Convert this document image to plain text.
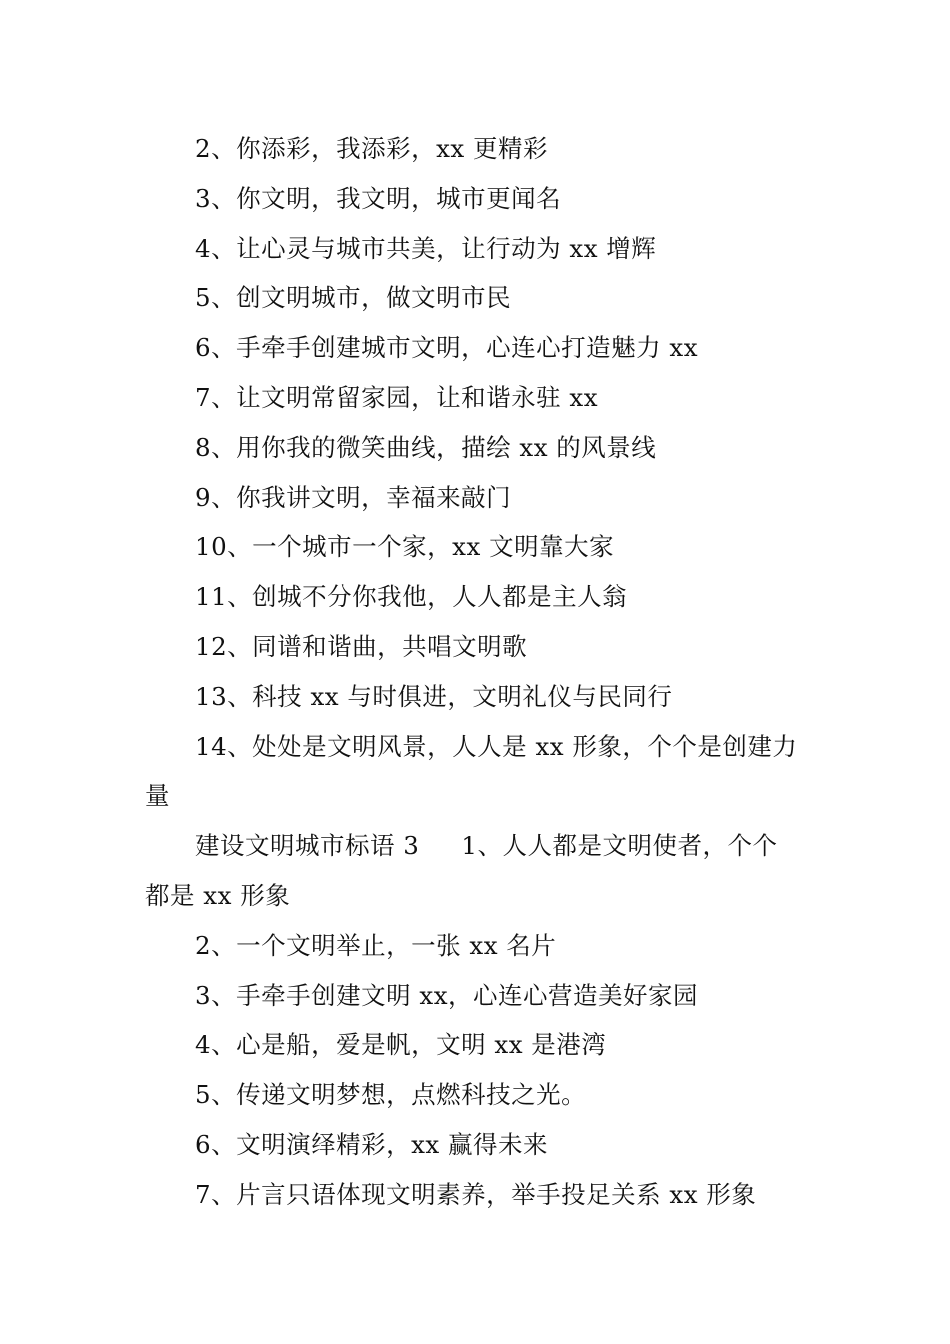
2、你添彩，我添彩，xx 更精彩
3、你文明，我文明，城市更闻名
4、让心灵与城市共美，让行动为 xx 增辉
5、创文明城市，做文明市民
6、手牵手创建城市文明，心连心打造魅力 xx
7、让文明常留家园，让和谐永驻 xx
8、用你我的微笑曲线，描绘 xx 的风景线
9、你我讲文明，幸福来敲门
10、一个城市一个家，xx 文明靠大家
11、创城不分你我他，人人都是主人翁
12、同谱和谐曲，共唱文明歌
13、科技 xx 与时俱进，文明礼仪与民同行
14、处处是文明风景，人人是 xx 形象，个个是创建力
量
建设文明城市标语 3 1、人人都是文明使者，个个
都是 xx 形象
2、一个文明举止，一张 xx 名片
3、手牵手创建文明 xx，心连心营造美好家园
4、心是船，爱是帆，文明 xx 是港湾
5、传递文明梦想，点燃科技之光。
6、文明演绎精彩，xx 赢得未来
7、片言只语体现文明素养，举手投足关系 xx 形象
